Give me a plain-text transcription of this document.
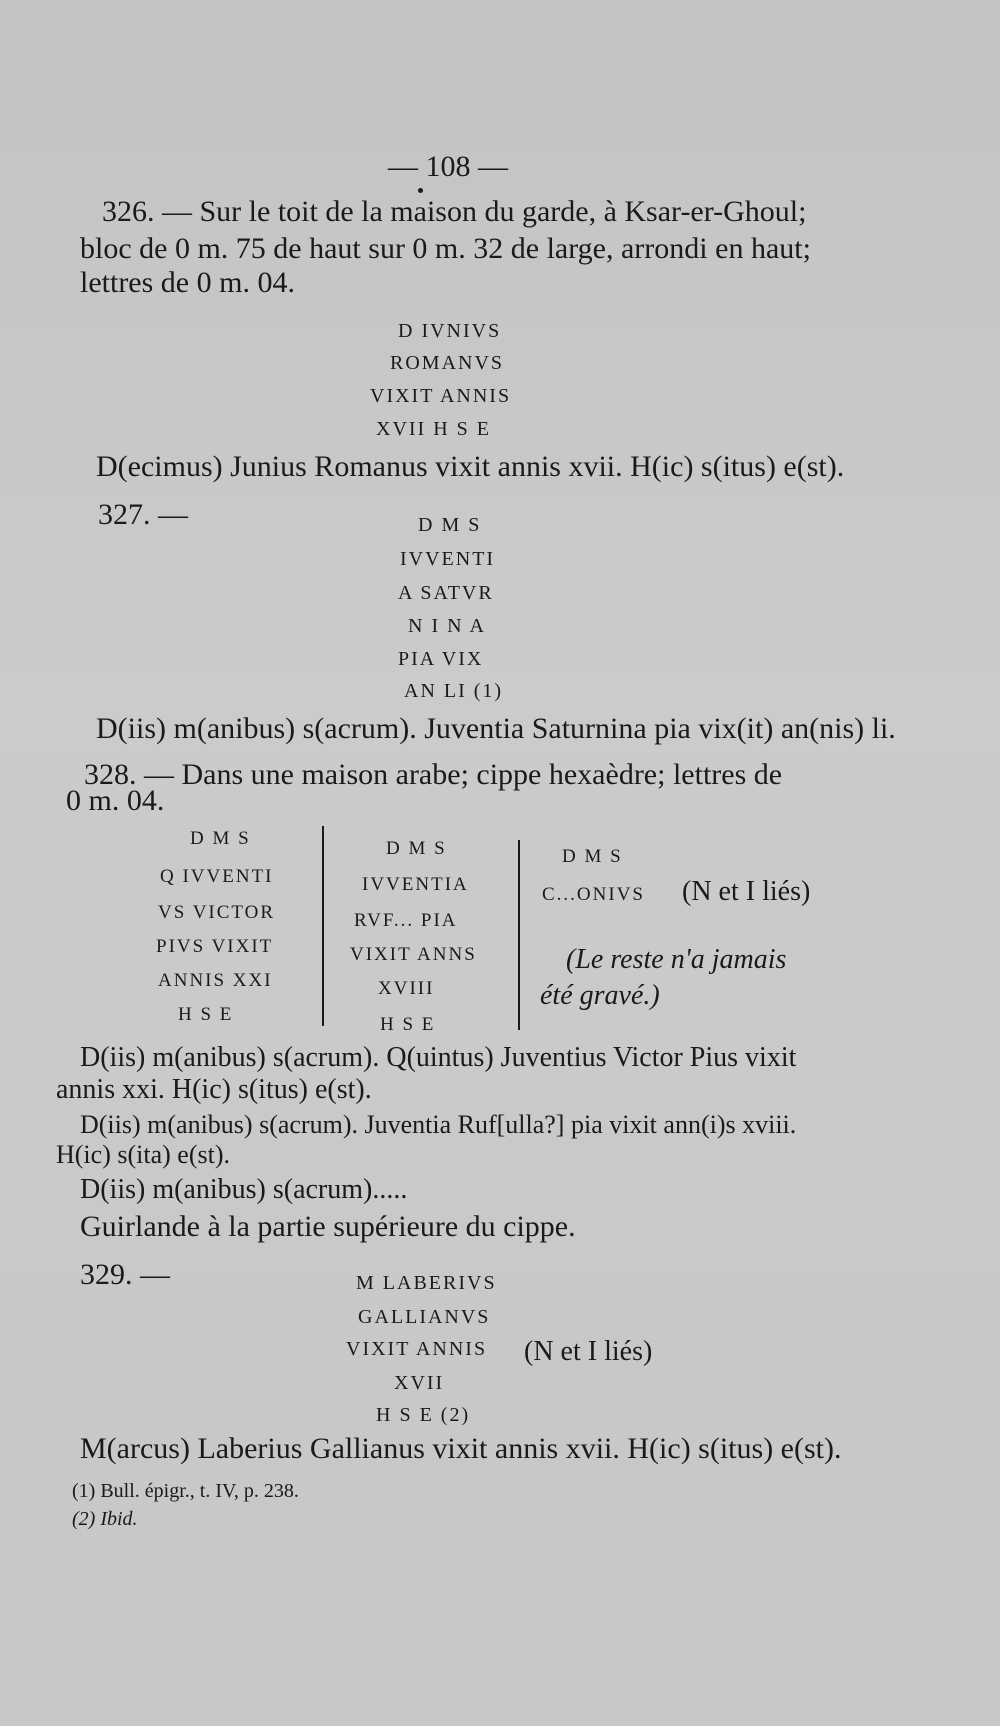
— 108 —
326. — Sur le toit de la maison du garde, à Ksar-er-Ghoul;
bloc de 0 m. 75 de haut sur 0 m. 32 de large, arrondi en haut;
lettres de 0 m. 04.
D IVNIVS
ROMANVS
VIXIT ANNIS
XVII H S E
D(ecimus) Junius Romanus vixit annis xvii. H(ic) s(itus) e(st).
327. —	D M S
IVVENTI
A SATVR
N I N A
PIA VIX
AN LI (1)
D(iis) m(anibus) s(acrum). Juventia Saturnina pia vix(it) an(nis) li.
328. — Dans une maison arabe; cippe hexaèdre; lettres de
0 m. 04.
D M S
Q IVVENTI
VS VICTOR
PIVS VIXIT
ANNIS XXI
H S E
D M S
IVVENTIA
RVF... PIA
VIXIT ANNS
XVIII
H S E
D M S
C...ONIVS (N et I liés)
(Le reste n'a jamais
été gravé.)
D(iis) m(anibus) s(acrum). Q(uintus) Juventius Victor Pius vixit
annis xxi. H(ic) s(itus) e(st).
D(iis) m(anibus) s(acrum). Juventia Ruf[ulla?] pia vixit ann(i)s xviii.
H(ic) s(ita) e(st).
D(iis) m(anibus) s(acrum).....
Guirlande à la partie supérieure du cippe.
329. —	M LABERIVS
GALLIANVS
VIXIT ANNIS (N et I liés)
XVII
H S E (2)
M(arcus) Laberius Gallianus vixit annis xvii. H(ic) s(itus) e(st).
(1) Bull. épigr., t. IV, p. 238.
(2) Ibid.
